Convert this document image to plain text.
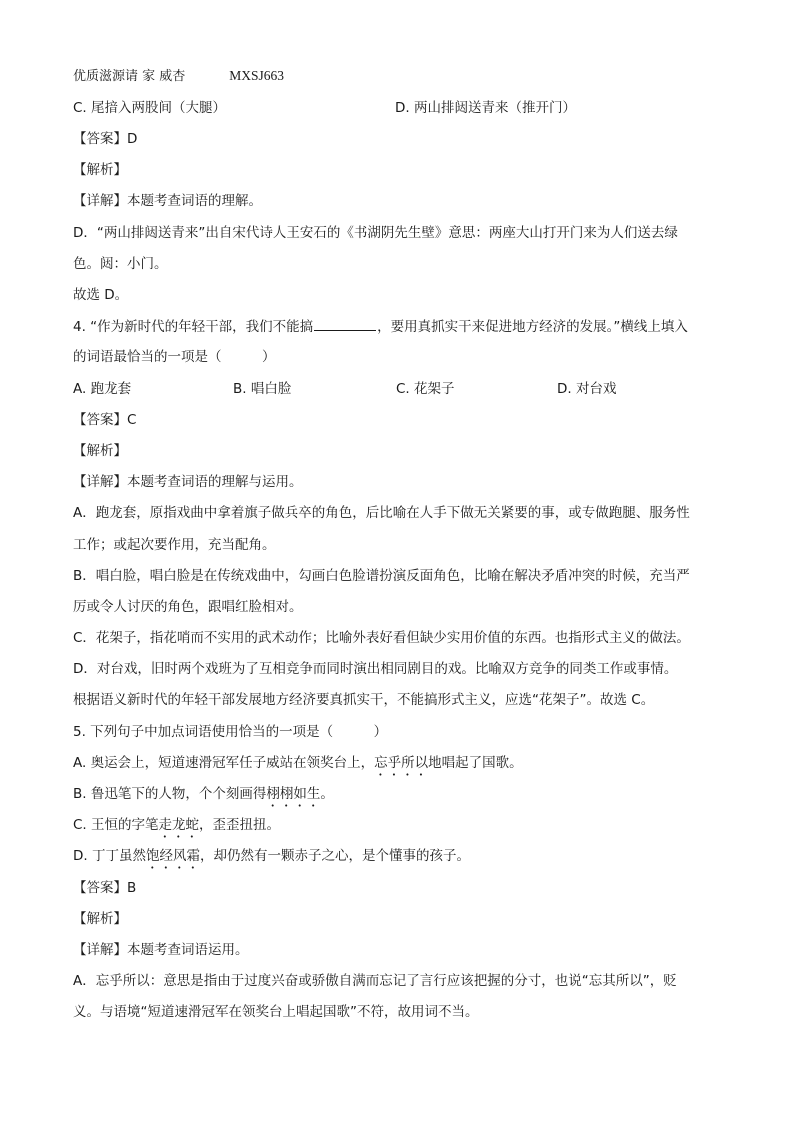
优质滋源请 家 威杏	MXSJ663
C. 尾揞入两股间（大腿）	D. 两山排闼送青来（推开门）
【答案】D
【解析】
【详解】本题考查词语的理解。
D．“两山排闼送青来”出自宋代诗人王安石的《书湖阴先生壁》意思：两座大山打开门来为人们送去绿
色。闼：小门。
故选 D。
4. “作为新时代的年轻干部，我们不能搞	，要用真抓实干来促进地方经济的发展。”横线上填入
的词语最恰当的一项是（　　　）
A. 跑龙套	B. 唱白脸	C. 花架子	D. 对台戏
【答案】C
【解析】
【详解】本题考查词语的理解与运用。
A．跑龙套，原指戏曲中拿着旗子做兵卒的角色，后比喻在人手下做无关紧要的事，或专做跑腿、服务性
工作；或起次要作用，充当配角。
B．唱白脸，唱白脸是在传统戏曲中，勾画白色脸谱扮演反面角色，比喻在解决矛盾冲突的时候，充当严
厉或令人讨厌的角色，跟唱红脸相对。
C．花架子，指花哨而不实用的武术动作；比喻外表好看但缺少实用价值的东西。也指形式主义的做法。
D．对台戏，旧时两个戏班为了互相竞争而同时演出相同剧目的戏。比喻双方竞争的同类工作或事情。
根据语义新时代的年轻干部发展地方经济要真抓实干，不能搞形式主义，应选“花架子”。故选 C。
5. 下列句子中加点词语使用恰当的一项是（　　　）
A. 奥运会上，短道速滑冠军任子威站在领奖台上，忘乎所以地唱起了国歌。
B. 鲁迅笔下的人物，个个刻画得栩栩如生。
C. 王恒的字笔走龙蛇，歪歪扭扭。
D. 丁丁虽然饱经风霜，却仍然有一颗赤子之心，是个懂事的孩子。
【答案】B
【解析】
【详解】本题考查词语运用。
A．忘乎所以：意思是指由于过度兴奋或骄傲自满而忘记了言行应该把握的分寸，也说“忘其所以”，贬
义。与语境“短道速滑冠军在领奖台上唱起国歌”不符，故用词不当。
